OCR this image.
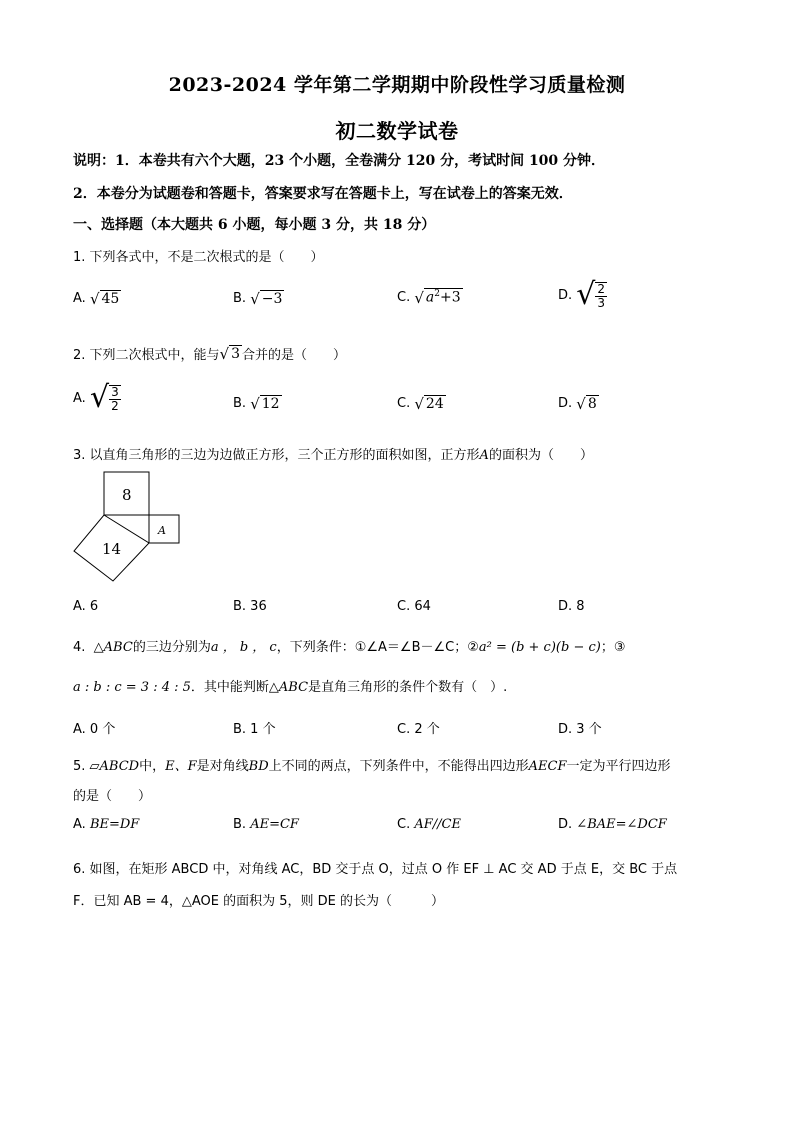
2023-2024 学年第二学期期中阶段性学习质量检测
初二数学试卷
说明：1．本卷共有六个大题，23 个小题，全卷满分 120 分，考试时间 100 分钟．
2．本卷分为试题卷和答题卡，答案要求写在答题卡上，写在试卷上的答案无效．
一、选择题（本大题共 6 小题，每小题 3 分，共 18 分）
1. 下列各式中，不是二次根式的是（　　）
A.
√ 45	B.
√ −3	C.
√ $a^2+3$	D.
√ $\frac{2}{3}$
2. 下列二次根式中，能与 √ 3 合并的是（　　）
A.
√ $\frac{3}{2}$	B.
√ 12	C.
√ 24	D.
√ 8
3. 以直角三角形的三边为边做正方形，三个正方形的面积如图，正方形A的面积为（　　）
8
A
14
A. 6	B. 36	C. 64	D. 8
4. △ABC的三边分别为a ， b ， c，下列条件：①∠A＝∠B－∠C；②a² = (b + c)(b − c)；③
a : b : c = 3 : 4 : 5．其中能判断△ABC是直角三角形的条件个数有（　）.
A. 0 个	B. 1 个	C. 2 个	D. 3 个
5. ▱ABCD中，E、F是对角线BD上不同的两点，下列条件中，不能得出四边形AECF一定为平行四边形
的是（　　）
A.
BE=DF	B.
AE=CF	C.
AF//CE	D.
∠BAE=∠DCF
6. 如图，在矩形 ABCD 中，对角线 AC，BD 交于点 O，过点 O 作 EF ⊥ AC 交 AD 于点 E，交 BC 于点
F．已知 AB = 4，△AOE 的面积为 5，则 DE 的长为（　　　）
